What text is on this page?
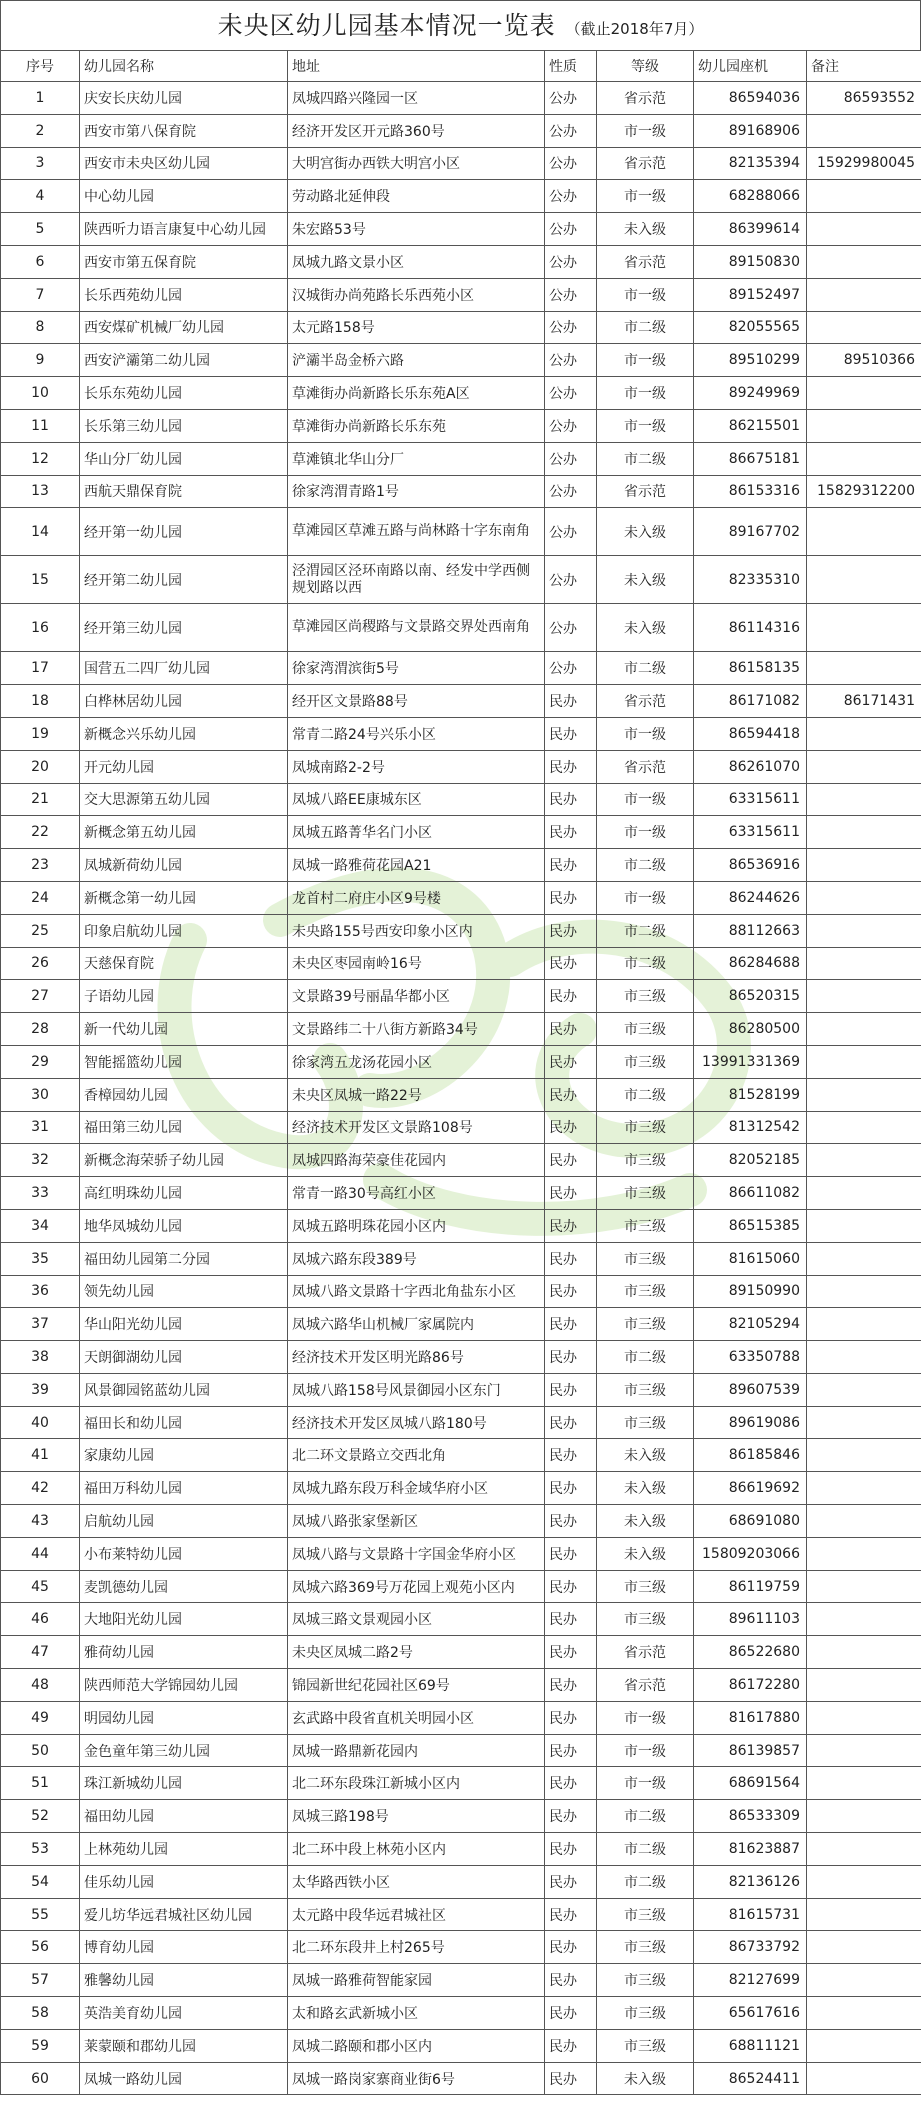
未央区幼儿园基本情况一览表 （截止2018年7月）
序号	幼儿园名称	地址	性质	等级	幼儿园座机	备注
1	庆安长庆幼儿园	凤城四路兴隆园一区	公办	省示范	86594036	86593552
2	西安市第八保育院	经济开发区开元路360号	公办	市一级	89168906	
3	西安市未央区幼儿园	大明宫街办西铁大明宫小区	公办	省示范	82135394	15929980045
4	中心幼儿园	劳动路北延伸段	公办	市一级	68288066	
5	陕西听力语言康复中心幼儿园	朱宏路53号	公办	未入级	86399614	
6	西安市第五保育院	凤城九路文景小区	公办	省示范	89150830	
7	长乐西苑幼儿园	汉城街办尚苑路长乐西苑小区	公办	市一级	89152497	
8	西安煤矿机械厂幼儿园	太元路158号	公办	市二级	82055565	
9	西安浐灞第二幼儿园	浐灞半岛金桥六路	公办	市一级	89510299	89510366
10	长乐东苑幼儿园	草滩街办尚新路长乐东苑A区	公办	市一级	89249969	
11	长乐第三幼儿园	草滩街办尚新路长乐东苑	公办	市一级	86215501	
12	华山分厂幼儿园	草滩镇北华山分厂	公办	市二级	86675181	
13	西航天鼎保育院	徐家湾渭青路1号	公办	省示范	86153316	15829312200
14	经开第一幼儿园	草滩园区草滩五路与尚林路十字东南角	公办	未入级	89167702	
15	经开第二幼儿园	泾渭园区泾环南路以南、经发中学西侧规划路以西	公办	未入级	82335310	
16	经开第三幼儿园	草滩园区尚稷路与文景路交界处西南角	公办	未入级	86114316	
17	国营五二四厂幼儿园	徐家湾渭滨街5号	公办	市二级	86158135	
18	白桦林居幼儿园	经开区文景路88号	民办	省示范	86171082	86171431
19	新概念兴乐幼儿园	常青二路24号兴乐小区	民办	市一级	86594418	
20	开元幼儿园	凤城南路2-2号	民办	省示范	86261070	
21	交大思源第五幼儿园	凤城八路EE康城东区	民办	市一级	63315611	
22	新概念第五幼儿园	凤城五路菁华名门小区	民办	市一级	63315611	
23	凤城新荷幼儿园	凤城一路雅荷花园A21	民办	市二级	86536916	
24	新概念第一幼儿园	龙首村二府庄小区9号楼	民办	市一级	86244626	
25	印象启航幼儿园	未央路155号西安印象小区内	民办	市二级	88112663	
26	天慈保育院	未央区枣园南岭16号	民办	市二级	86284688	
27	子语幼儿园	文景路39号丽晶华都小区	民办	市三级	86520315	
28	新一代幼儿园	文景路纬二十八街方新路34号	民办	市三级	86280500	
29	智能摇篮幼儿园	徐家湾五龙汤花园小区	民办	市三级	13991331369	
30	香樟园幼儿园	未央区凤城一路22号	民办	市二级	81528199	
31	福田第三幼儿园	经济技术开发区文景路108号	民办	市三级	81312542	
32	新概念海荣骄子幼儿园	凤城四路海荣豪佳花园内	民办	市三级	82052185	
33	高红明珠幼儿园	常青一路30号高红小区	民办	市三级	86611082	
34	地华凤城幼儿园	凤城五路明珠花园小区内	民办	市三级	86515385	
35	福田幼儿园第二分园	凤城六路东段389号	民办	市三级	81615060	
36	领先幼儿园	凤城八路文景路十字西北角盐东小区	民办	市三级	89150990	
37	华山阳光幼儿园	凤城六路华山机械厂家属院内	民办	市三级	82105294	
38	天朗御湖幼儿园	经济技术开发区明光路86号	民办	市二级	63350788	
39	风景御园铭蓝幼儿园	凤城八路158号风景御园小区东门	民办	市三级	89607539	
40	福田长和幼儿园	经济技术开发区凤城八路180号	民办	市三级	89619086	
41	家康幼儿园	北二环文景路立交西北角	民办	未入级	86185846	
42	福田万科幼儿园	凤城九路东段万科金域华府小区	民办	未入级	86619692	
43	启航幼儿园	凤城八路张家堡新区	民办	未入级	68691080	
44	小布莱特幼儿园	凤城八路与文景路十字国金华府小区	民办	未入级	15809203066	
45	麦凯德幼儿园	凤城六路369号万花园上观苑小区内	民办	市三级	86119759	
46	大地阳光幼儿园	凤城三路文景观园小区	民办	市三级	89611103	
47	雅荷幼儿园	未央区凤城二路2号	民办	省示范	86522680	
48	陕西师范大学锦园幼儿园	锦园新世纪花园社区69号	民办	省示范	86172280	
49	明园幼儿园	玄武路中段省直机关明园小区	民办	市一级	81617880	
50	金色童年第三幼儿园	凤城一路鼎新花园内	民办	市一级	86139857	
51	珠江新城幼儿园	北二环东段珠江新城小区内	民办	市一级	68691564	
52	福田幼儿园	凤城三路198号	民办	市二级	86533309	
53	上林苑幼儿园	北二环中段上林苑小区内	民办	市二级	81623887	
54	佳乐幼儿园	太华路西铁小区	民办	市二级	82136126	
55	爱儿坊华远君城社区幼儿园	太元路中段华远君城社区	民办	市三级	81615731	
56	博育幼儿园	北二环东段井上村265号	民办	市三级	86733792	
57	雅馨幼儿园	凤城一路雅荷智能家园	民办	市三级	82127699	
58	英浩美育幼儿园	太和路玄武新城小区	民办	市三级	65617616	
59	莱蒙颐和郡幼儿园	凤城二路颐和郡小区内	民办	市三级	68811121	
60	凤城一路幼儿园	凤城一路岗家寨商业街6号	民办	未入级	86524411	
